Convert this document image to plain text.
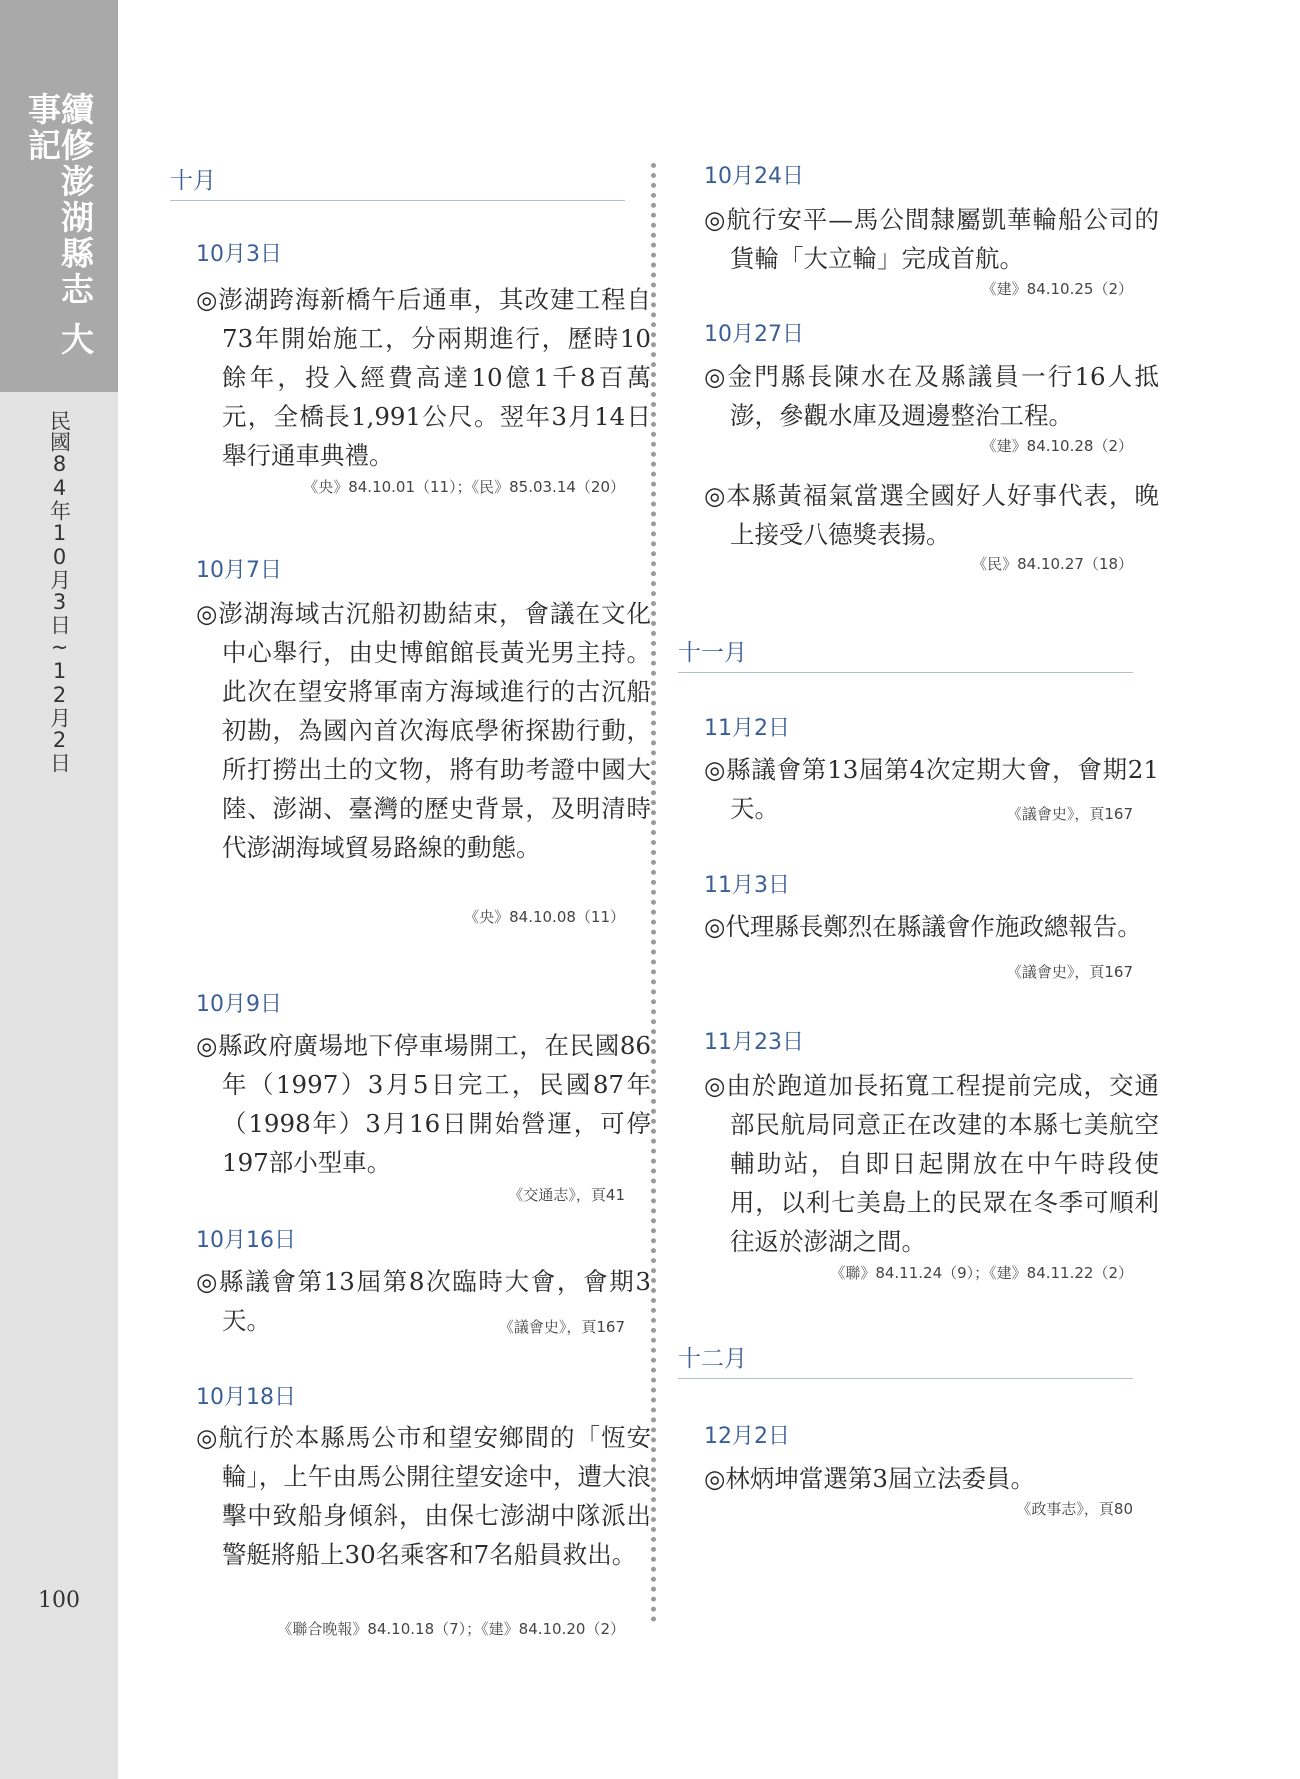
續修澎湖縣志大事記
民國84年10月3日~12月2日
100
十月
10月3日
◎澎湖跨海新橋午后通車，其改建工程自73年開始施工，分兩期進行，歷時10餘年，投入經費高達10億1千8百萬元，全橋長1,991公尺。翌年3月14日舉行通車典禮。
《央》84.10.01（11）；《民》85.03.14（20）
10月7日
◎澎湖海域古沉船初勘結束，會議在文化中心舉行，由史博館館長黃光男主持。此次在望安將軍南方海域進行的古沉船初勘，為國內首次海底學術探勘行動，所打撈出土的文物，將有助考證中國大陸、澎湖、臺灣的歷史背景，及明清時代澎湖海域貿易路線的動態。
《央》84.10.08（11）
10月9日
◎縣政府廣場地下停車場開工，在民國86年（1997）3月5日完工，民國87年（1998年）3月16日開始營運，可停197部小型車。
《交通志》，頁41
10月16日
◎縣議會第13屆第8次臨時大會，會期3天。	《議會史》，頁167
10月18日
◎航行於本縣馬公市和望安鄉間的「恆安輪」，上午由馬公開往望安途中，遭大浪擊中致船身傾斜，由保七澎湖中隊派出警艇將船上30名乘客和7名船員救出。
《聯合晚報》84.10.18（7）；《建》84.10.20（2）
10月24日
◎航行安平—馬公間隸屬凱華輪船公司的貨輪「大立輪」完成首航。
《建》84.10.25（2）
10月27日
◎金門縣長陳水在及縣議員一行16人抵澎，參觀水庫及週邊整治工程。
《建》84.10.28（2）
◎本縣黃福氣當選全國好人好事代表，晚上接受八德獎表揚。
《民》84.10.27（18）
十一月
11月2日
◎縣議會第13屆第4次定期大會，會期21天。	《議會史》，頁167
11月3日
◎代理縣長鄭烈在縣議會作施政總報告。
《議會史》，頁167
11月23日
◎由於跑道加長拓寬工程提前完成，交通部民航局同意正在改建的本縣七美航空輔助站，自即日起開放在中午時段使用，以利七美島上的民眾在冬季可順利往返於澎湖之間。
《聯》84.11.24（9）；《建》84.11.22（2）
十二月
12月2日
◎林炳坤當選第3屆立法委員。
《政事志》，頁80
